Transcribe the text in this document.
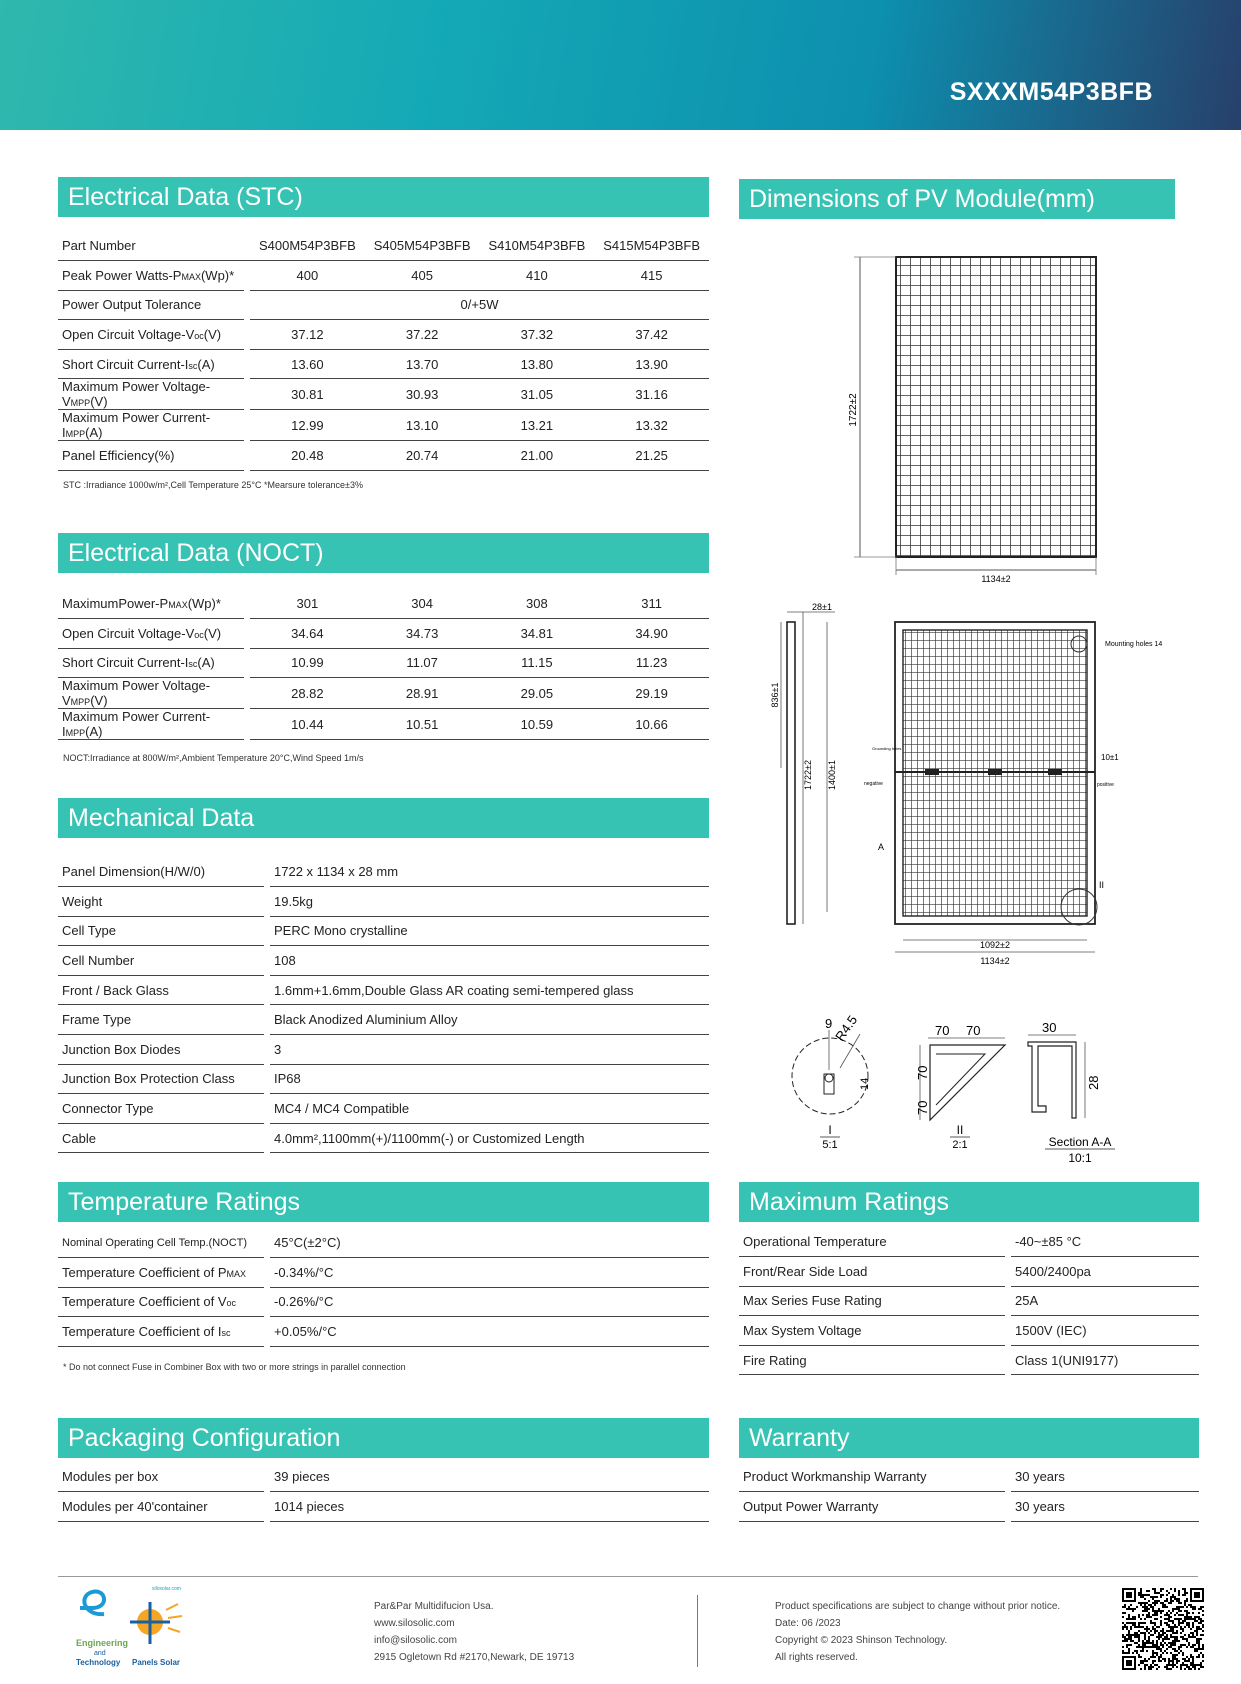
SXXXM54P3BFB
Electrical Data (STC)
Part Number		S400M54P3BFB	S405M54P3BFB	S410M54P3BFB	S415M54P3BFB
Peak Power Watts-PMAX(Wp)*		400	405	410	415
Power Output Tolerance		0/+5W			
Open Circuit Voltage-Voc(V)		37.12	37.22	37.32	37.42
Short Circuit Current-Isc(A)		13.60	13.70	13.80	13.90
Maximum Power Voltage-VMPP(V)		30.81	30.93	31.05	31.16
Maximum Power Current-IMPP(A)		12.99	13.10	13.21	13.32
Panel Efficiency(%)		20.48	20.74	21.00	21.25
STC :Irradiance 1000w/m²,Cell Temperature 25°C *Mearsure tolerance±3%
Electrical Data (NOCT)
MaximumPower-PMAX(Wp)*		301	304	308	311
Open Circuit Voltage-Voc(V)		34.64	34.73	34.81	34.90
Short Circuit Current-Isc(A)		10.99	11.07	11.15	11.23
Maximum Power Voltage-VMPP(V)		28.82	28.91	29.05	29.19
Maximum Power Current-IMPP(A)		10.44	10.51	10.59	10.66
NOCT:Irradiance at 800W/m²,Ambient Temperature 20°C,Wind Speed 1m/s
Mechanical Data
Panel Dimension(H/W/0)		1722 x 1134 x 28 mm
Weight		19.5kg
Cell Type		PERC Mono crystalline
Cell Number		108
Front / Back Glass		1.6mm+1.6mm,Double Glass AR coating semi-tempered glass
Frame Type		Black Anodized Aluminium Alloy
Junction Box Diodes		3
Junction Box Protection Class		IP68
Connector Type		MC4 / MC4 Compatible
Cable		4.0mm²,1100mm(+)/1100mm(-) or Customized Length
Temperature Ratings
Nominal Operating Cell Temp.(NOCT)		45°C(±2°C)
Temperature Coefficient of PMAX		-0.34%/°C
Temperature Coefficient of Voc		-0.26%/°C
Temperature Coefficient of Isc		+0.05%/°C
* Do not connect Fuse in Combiner Box with two or more strings in parallel connection
Maximum Ratings
Operational Temperature		-40~±85 °C
Front/Rear Side Load		5400/2400pa
Max Series Fuse Rating		25A
Max System Voltage		1500V (IEC)
Fire Rating		Class 1(UNI9177)
Packaging Configuration
Modules per box		39 pieces
Modules per 40'container		1014 pieces
Warranty
Product Workmanship Warranty		30 years
Output Power Warranty		30 years
Dimensions of PV Module(mm)
1722±2
1134±2
28±1
836±1
1722±2 1400±1
Mounting holes 14
10±1
Grounding holes
negative	positive
A
II
1092±2
1134±2
9 R4.5
14
I
5:1
70 70
70
70
II
2:1
30
28
Section A-A
10:1
silosolar.com
Engineering
and
Technology Panels Solar
Par&Par Multidifucion Usa.
www.silosolic.com
info@silosolic.com
2915 Ogletown Rd #2170,Newark, DE 19713
Product specifications are subject to change without prior notice.
Date: 06 /2023
Copyright © 2023 Shinson Technology.
All rights reserved.
